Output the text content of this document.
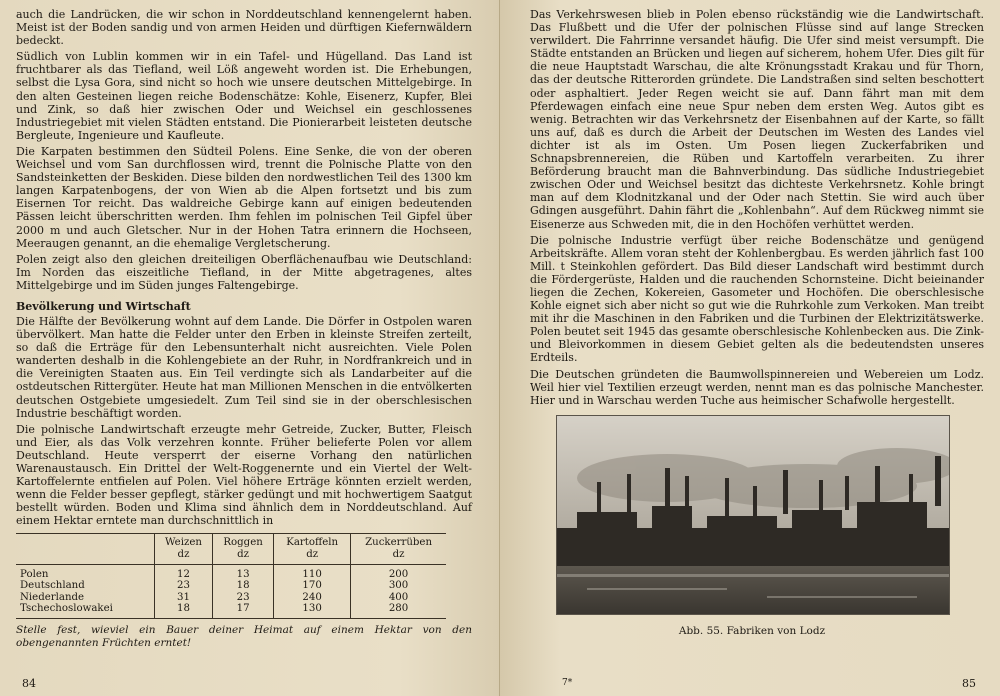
auch die Landrücken, die wir schon in Norddeutschland kennengelernt haben. Meist ist der Boden sandig und von armen Heiden und dürftigen Kiefernwäldern bedeckt.

Südlich von Lublin kommen wir in ein Tafel- und Hügelland. Das Land ist fruchtbarer als das Tiefland, weil Löß angeweht worden ist. Die Erhebungen, selbst die Lysa Gora, sind nicht so hoch wie unsere deutschen Mittelgebirge. In den alten Gesteinen liegen reiche Bodenschätze: Kohle, Eisenerz, Kupfer, Blei und Zink, so daß hier zwischen Oder und Weichsel ein geschlossenes Industriegebiet mit vielen Städten entstand. Die Pionierarbeit leisteten deutsche Bergleute, Ingenieure und Kaufleute.

Die Karpaten bestimmen den Südteil Polens. Eine Senke, die von der oberen Weichsel und vom San durchflossen wird, trennt die Polnische Platte von den Sandsteinketten der Beskiden. Diese bilden den nordwestlichen Teil des 1300 km langen Karpatenbogens, der von Wien ab die Alpen fortsetzt und bis zum Eisernen Tor reicht. Das waldreiche Gebirge kann auf einigen bedeutenden Pässen leicht überschritten werden. Ihm fehlen im polnischen Teil Gipfel über 2000 m und auch Gletscher. Nur in der Hohen Tatra erinnern die Hochseen, Meeraugen genannt, an die ehemalige Vergletscherung.

Polen zeigt also den gleichen dreiteiligen Oberflächenaufbau wie Deutschland: Im Norden das eiszeitliche Tiefland, in der Mitte abgetragenes, altes Mittelgebirge und im Süden junges Faltengebirge.

Bevölkerung und Wirtschaft

Die Hälfte der Bevölkerung wohnt auf dem Lande. Die Dörfer in Ostpolen waren übervölkert. Man hatte die Felder unter den Erben in kleinste Streifen zerteilt, so daß die Erträge für den Lebensunterhalt nicht ausreichten. Viele Polen wanderten deshalb in die Kohlengebiete an der Ruhr, in Nordfrankreich und in die Vereinigten Staaten aus. Ein Teil verdingte sich als Landarbeiter auf die ostdeutschen Rittergüter. Heute hat man Millionen Menschen in die entvölkerten deutschen Ostgebiete umgesiedelt. Zum Teil sind sie in der oberschlesischen Industrie beschäftigt worden.

Die polnische Landwirtschaft erzeugte mehr Getreide, Zucker, Butter, Fleisch und Eier, als das Volk verzehren konnte. Früher belieferte Polen vor allem Deutschland. Heute versperrt der eiserne Vorhang den natürlichen Warenaustausch. Ein Drittel der Welt-Roggenernte und ein Viertel der Welt-Kartoffelernte entfielen auf Polen. Viel höhere Erträge könnten erzielt werden, wenn die Felder besser gepflegt, stärker gedüngt und mit hochwertigem Saatgut bestellt würden. Boden und Klima sind ähnlich dem in Norddeutschland. Auf einem Hektar erntete man durchschnittlich in

	Weizen
dz	Roggen
dz	Kartoffeln
dz	Zuckerrüben
dz
Polen	12	13	110	200
Deutschland	23	18	170	300
Niederlande	31	23	240	400
Tschechoslowakei	18	17	130	280

Stelle fest, wieviel ein Bauer deiner Heimat auf einem Hektar von den obengenannten Früchten erntet!

84

Das Verkehrswesen blieb in Polen ebenso rückständig wie die Landwirtschaft. Das Flußbett und die Ufer der polnischen Flüsse sind auf lange Strecken verwildert. Die Fahrrinne versandet häufig. Die Ufer sind meist versumpft. Die Städte entstanden an Brücken und liegen auf sicherem, hohem Ufer. Dies gilt für die neue Hauptstadt Warschau, die alte Krönungsstadt Krakau und für Thorn, das der deutsche Ritterorden gründete. Die Landstraßen sind selten beschottert oder asphaltiert. Jeder Regen weicht sie auf. Dann fährt man mit dem Pferdewagen einfach eine neue Spur neben dem ersten Weg. Autos gibt es wenig. Betrachten wir das Verkehrsnetz der Eisenbahnen auf der Karte, so fällt uns auf, daß es durch die Arbeit der Deutschen im Westen des Landes viel dichter ist als im Osten. Um Posen liegen Zuckerfabriken und Schnapsbrennereien, die Rüben und Kartoffeln verarbeiten. Zu ihrer Beförderung braucht man die Bahnverbindung. Das südliche Industriegebiet zwischen Oder und Weichsel besitzt das dichteste Verkehrsnetz. Kohle bringt man auf dem Klodnitzkanal und der Oder nach Stettin. Sie wird auch über Gdingen ausgeführt. Dahin fährt die „Kohlenbahn“. Auf dem Rückweg nimmt sie Eisenerze aus Schweden mit, die in den Hochöfen verhüttet werden.

Die polnische Industrie verfügt über reiche Bodenschätze und genügend Arbeitskräfte. Allem voran steht der Kohlenbergbau. Es werden jährlich fast 100 Mill. t Steinkohlen gefördert. Das Bild dieser Landschaft wird bestimmt durch die Fördergerüste, Halden und die rauchenden Schornsteine. Dicht beieinander liegen die Zechen, Kokereien, Gasometer und Hochöfen. Die oberschlesische Kohle eignet sich aber nicht so gut wie die Ruhrkohle zum Verkoken. Man treibt mit ihr die Maschinen in den Fabriken und die Turbinen der Elektrizitätswerke. Polen beutet seit 1945 das gesamte oberschlesische Kohlenbecken aus. Die Zink- und Bleivorkommen in diesem Gebiet gelten als die bedeutendsten unseres Erdteils.

Die Deutschen gründeten die Baumwollspinnereien und Webereien um Lodz. Weil hier viel Textilien erzeugt werden, nennt man es das polnische Manchester. Hier und in Warschau werden Tuche aus heimischer Schafwolle hergestellt.

Abb. 55. Fabriken von Lodz
7*	85
